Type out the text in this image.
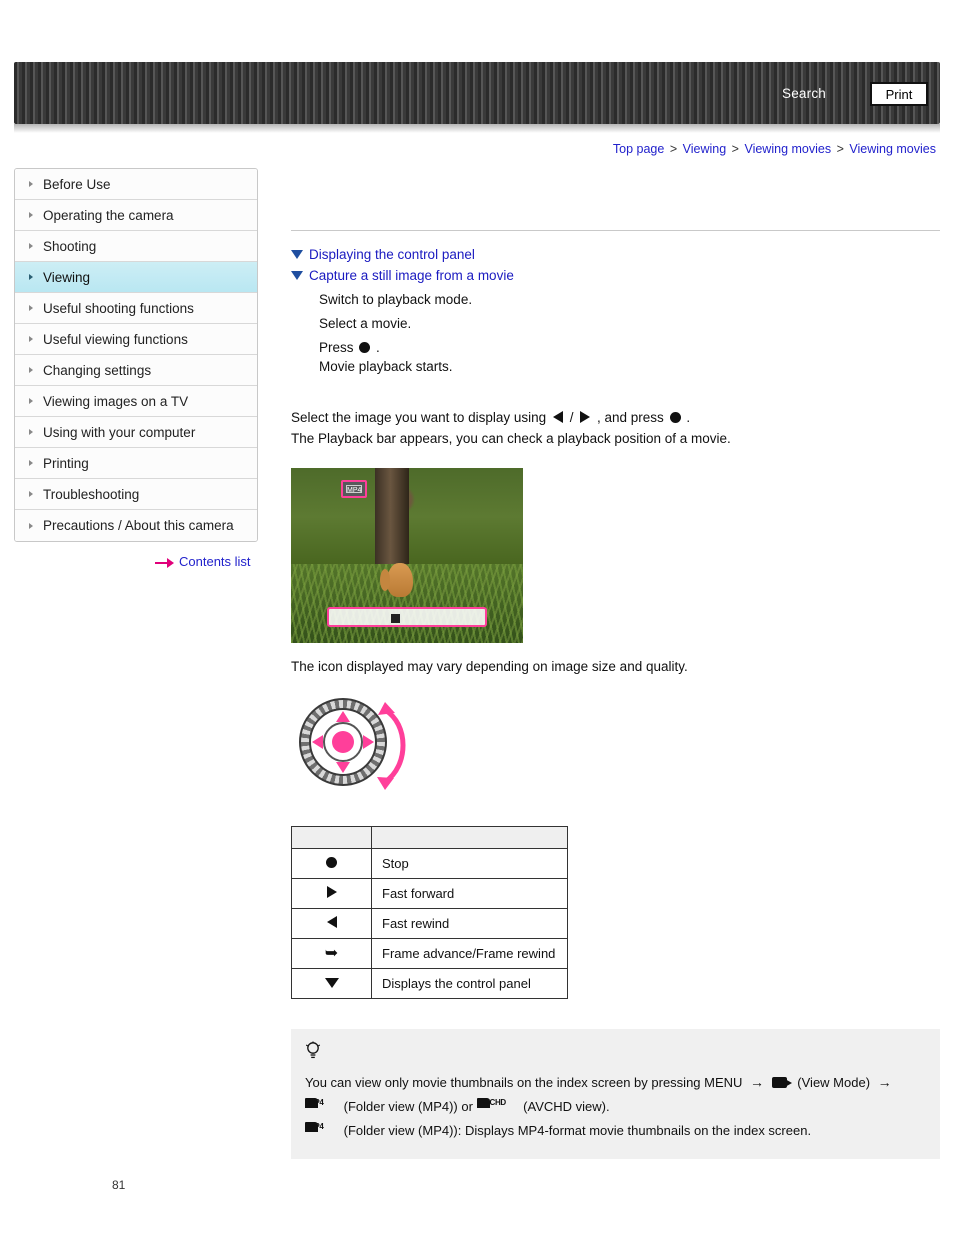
Search	Print
Top page > Viewing > Viewing movies > Viewing movies
Before Use
Operating the camera
Shooting
Viewing
Useful shooting functions
Useful viewing functions
Changing settings
Viewing images on a TV
Using with your computer
Printing
Troubleshooting
Precautions / About this camera
Contents list
Displaying the control panel
Capture a still image from a movie
Switch to playback mode.
Select a movie.
Press .
Movie playback starts.
Select the image you want to display using / , and press .
The Playback bar appears, you can check a playback position of a movie.
MP4
The icon displayed may vary depending on image size and quality.

	Stop
	Fast forward
	Fast rewind
➥	Frame advance/Frame rewind
	Displays the control panel
You can view only movie thumbnails on the index screen by pressing MENU →	(View Mode) →
MP4 (Folder view (MP4)) or AVCHD (AVCHD view).
MP4 (Folder view (MP4)): Displays MP4-format movie thumbnails on the index screen.
81
